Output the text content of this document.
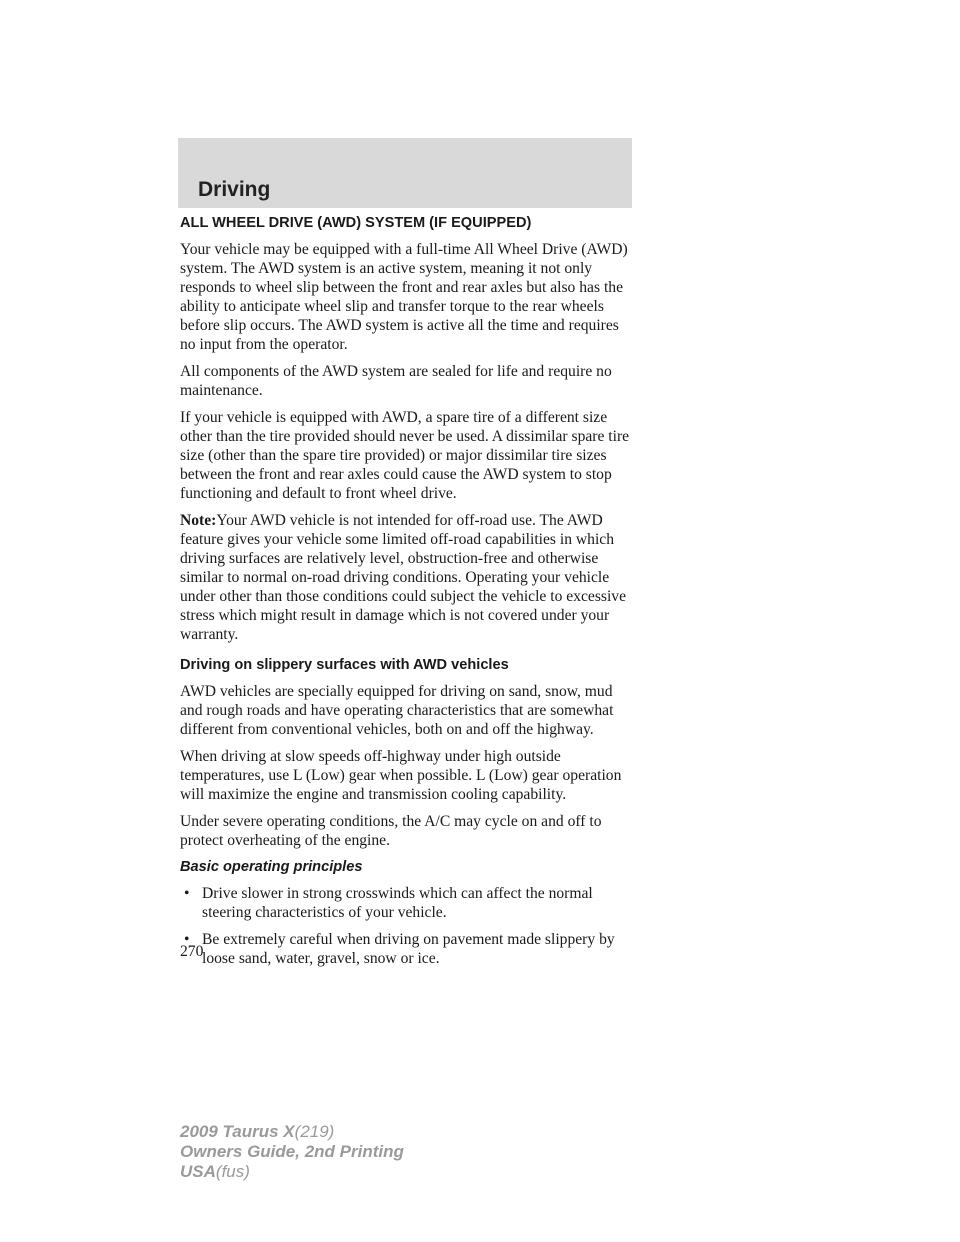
Driving
ALL WHEEL DRIVE (AWD) SYSTEM (IF EQUIPPED)

Your vehicle may be equipped with a full-time All Wheel Drive (AWD) system. The AWD system is an active system, meaning it not only responds to wheel slip between the front and rear axles but also has the ability to anticipate wheel slip and transfer torque to the rear wheels before slip occurs. The AWD system is active all the time and requires no input from the operator.

All components of the AWD system are sealed for life and require no maintenance.

If your vehicle is equipped with AWD, a spare tire of a different size other than the tire provided should never be used. A dissimilar spare tire size (other than the spare tire provided) or major dissimilar tire sizes between the front and rear axles could cause the AWD system to stop functioning and default to front wheel drive.

Note:Your AWD vehicle is not intended for off-road use. The AWD feature gives your vehicle some limited off-road capabilities in which driving surfaces are relatively level, obstruction-free and otherwise similar to normal on-road driving conditions. Operating your vehicle under other than those conditions could subject the vehicle to excessive stress which might result in damage which is not covered under your warranty.

Driving on slippery surfaces with AWD vehicles

AWD vehicles are specially equipped for driving on sand, snow, mud and rough roads and have operating characteristics that are somewhat different from conventional vehicles, both on and off the highway.

When driving at slow speeds off-highway under high outside temperatures, use L (Low) gear when possible. L (Low) gear operation will maximize the engine and transmission cooling capability.

Under severe operating conditions, the A/C may cycle on and off to protect overheating of the engine.

Basic operating principles
• Drive slower in strong crosswinds which can affect the normal steering characteristics of your vehicle.
• Be extremely careful when driving on pavement made slippery by loose sand, water, gravel, snow or ice.
270
2009 Taurus X(219)
Owners Guide, 2nd Printing
USA(fus)
